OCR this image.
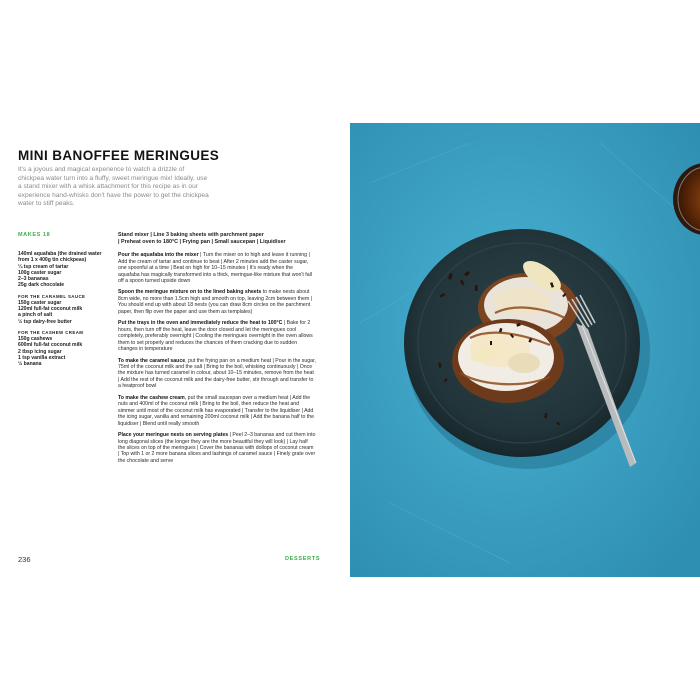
MINI BANOFFEE MERINGUES
It's a joyous and magical experience to watch a drizzle of chickpea water turn into a fluffy, sweet meringue mix! Ideally, use a stand mixer with a whisk attachment for this recipe as in our experience hand-whisks don't have the power to get the chickpea water to stiff peaks.
MAKES 18
140ml aquafaba (the drained water
from 1 x 400g tin chickpeas)
¼ tsp cream of tartar
100g caster sugar
2–3 bananas
25g dark chocolate
FOR THE CARAMEL SAUCE
150g caster sugar
120ml full-fat coconut milk
a pinch of salt
½ tsp dairy-free butter
FOR THE CASHEW CREAM
150g cashews
600ml full-fat coconut milk
2 tbsp icing sugar
1 tsp vanilla extract
½ banana
Stand mixer | Line 3 baking sheets with parchment paper
| Preheat oven to 180°C | Frying pan | Small saucepan | Liquidiser
Pour the aquafaba into the mixer | Turn the mixer on to high and leave it running | Add the cream of tartar and continue to beat | After 2 minutes add the caster sugar, one spoonful at a time | Beat on high for 10–15 minutes | It's ready when the aquafaba has magically transformed into a thick, meringue-like mixture that won't fall off a spoon turned upside down
Spoon the meringue mixture on to the lined baking sheets to make nests about 8cm wide, no more than 1.5cm high and smooth on top, leaving 2cm between them | You should end up with about 18 nests (you can draw 8cm circles on the parchment paper, then flip over the paper and use them as templates)
Put the trays in the oven and immediately reduce the heat to 100°C | Bake for 2 hours, then turn off the heat, leave the door closed and let the meringues cool completely, preferably overnight | Cooling the meringues overnight in the oven allows them to set properly and reduces the chances of them cracking due to sudden changes in temperature
To make the caramel sauce, put the frying pan on a medium heat | Pour in the sugar, 75ml of the coconut milk and the salt | Bring to the boil, whisking continuously | Once the mixture has turned caramel in colour, about 10–15 minutes, remove from the heat | Add the rest of the coconut milk and the dairy-free butter, stir through and transfer to a heatproof bowl
To make the cashew cream, put the small saucepan over a medium heat | Add the nuts and 400ml of the coconut milk | Bring to the boil, then reduce the heat and simmer until most of the coconut milk has evaporated | Transfer to the liquidiser | Add the icing sugar, vanilla and remaining 200ml coconut milk | Add the banana half to the liquidiser | Blend until really smooth
Place your meringue nests on serving plates | Peel 2–3 bananas and cut them into long diagonal slices (the longer they are the more beautiful they will look) | Lay half the slices on top of the meringues | Cover the bananas with dollops of coconut cream | Top with 1 or 2 more banana slices and lashings of caramel sauce | Finely grate over the chocolate and serve
236	DESSERTS
